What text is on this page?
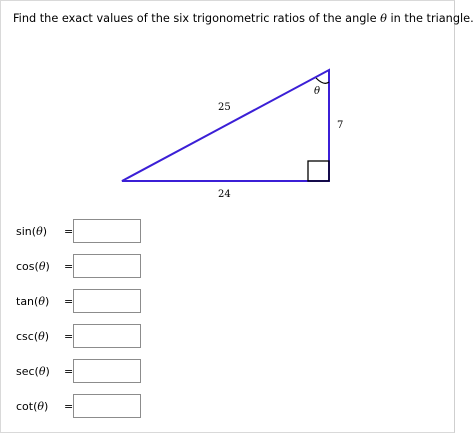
Find the exact values of the six trigonometric ratios of the angle θ in the triangle.
θ
25
24
7
sin(θ) =
cos(θ) =
tan(θ) =
csc(θ) =
sec(θ) =
cot(θ) =
